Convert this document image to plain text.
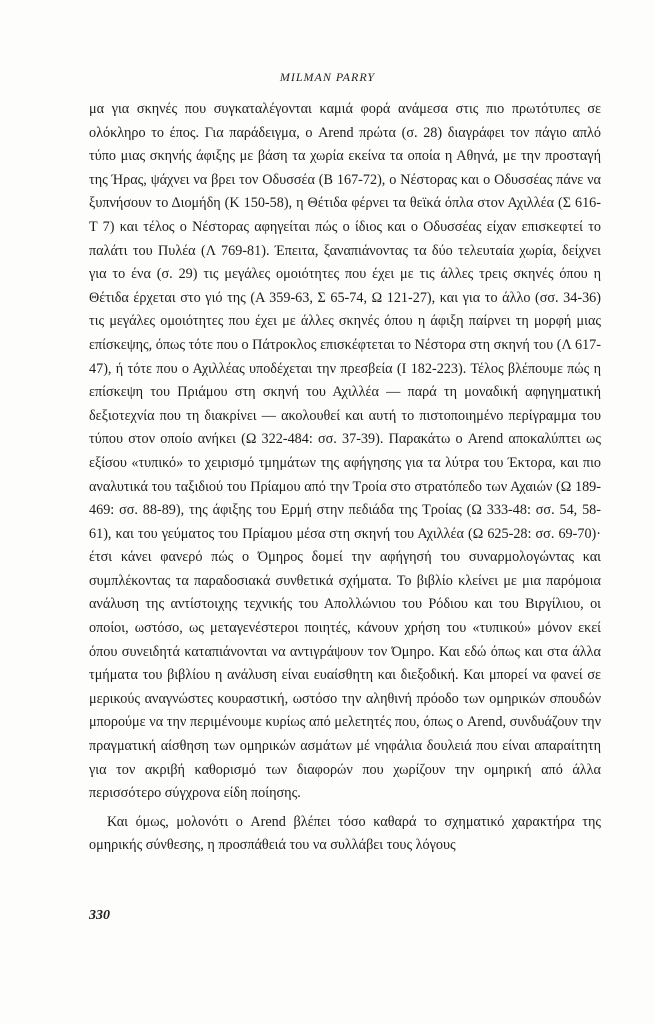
MILMAN PARRY

μα για σκηνές που συγκαταλέγονται καμιά φορά ανάμεσα στις πιο πρωτότυπες σε ολόκληρο το έπος. Για παράδειγμα, ο Arend πρώτα (σ. 28) διαγράφει τον πάγιο απλό τύπο μιας σκηνής άφιξης με βάση τα χωρία εκείνα τα οποία η Αθηνά, με την προσταγή της Ήρας, ψάχνει να βρει τον Οδυσσέα (Β 167-72), ο Νέστορας και ο Οδυσσέας πάνε να ξυπνήσουν το Διομήδη (Κ 150-58), η Θέτιδα φέρνει τα θεϊκά όπλα στον Αχιλλέα (Σ 616-Τ 7) και τέλος ο Νέστορας αφηγείται πώς ο ίδιος και ο Οδυσσέας είχαν επισκεφτεί το παλάτι του Πυλέα (Λ 769-81). Έπειτα, ξαναπιάνοντας τα δύο τελευταία χωρία, δείχνει για το ένα (σ. 29) τις μεγάλες ομοιότητες που έχει με τις άλλες τρεις σκηνές όπου η Θέτιδα έρχεται στο γιό της (Α 359-63, Σ 65-74, Ω 121-27), και για το άλλο (σσ. 34-36) τις μεγάλες ομοιότητες που έχει με άλλες σκηνές όπου η άφιξη παίρνει τη μορφή μιας επίσκεψης, όπως τότε που ο Πάτροκλος επισκέφτεται το Νέστορα στη σκηνή του (Λ 617-47), ή τότε που ο Αχιλλέας υποδέχεται την πρεσβεία (Ι 182-223). Τέλος βλέπουμε πώς η επίσκεψη του Πριάμου στη σκηνή του Αχιλλέα — παρά τη μοναδική αφηγηματική δεξιοτεχνία που τη διακρίνει — ακολουθεί και αυτή το πιστοποιημένο περίγραμμα του τύπου στον οποίο ανήκει (Ω 322-484: σσ. 37-39). Παρακάτω ο Arend αποκαλύπτει ως εξίσου «τυπικό» το χειρισμό τμημάτων της αφήγησης για τα λύτρα του Έκτορα, και πιο αναλυτικά του ταξιδιού του Πρίαμου από την Τροία στο στρατόπεδο των Αχαιών (Ω 189-469: σσ. 88-89), της άφιξης του Ερμή στην πεδιάδα της Τροίας (Ω 333-48: σσ. 54, 58-61), και του γεύματος του Πρίαμου μέσα στη σκηνή του Αχιλλέα (Ω 625-28: σσ. 69-70)· έτσι κάνει φανερό πώς ο Όμηρος δομεί την αφήγησή του συναρμολογώντας και συμπλέκοντας τα παραδοσιακά συνθετικά σχήματα. Το βιβλίο κλείνει με μια παρόμοια ανάλυση της αντίστοιχης τεχνικής του Απολλώνιου του Ρόδιου και του Βιργίλιου, οι οποίοι, ωστόσο, ως μεταγενέστεροι ποιητές, κάνουν χρήση του «τυπικού» μόνον εκεί όπου συνειδητά καταπιάνονται να αντιγράψουν τον Όμηρο. Και εδώ όπως και στα άλλα τμήματα του βιβλίου η ανάλυση είναι ευαίσθητη και διεξοδική. Και μπορεί να φανεί σε μερικούς αναγνώστες κουραστική, ωστόσο την αληθινή πρόοδο των ομηρικών σπουδών μπορούμε να την περιμένουμε κυρίως από μελετητές που, όπως ο Arend, συνδυάζουν την πραγματική αίσθηση των ομηρικών ασμάτων μέ νηφάλια δουλειά που είναι απαραίτητη για τον ακριβή καθορισμό των διαφορών που χωρίζουν την ομηρική από άλλα περισσότερο σύγχρονα είδη ποίησης.

Και όμως, μολονότι ο Arend βλέπει τόσο καθαρά το σχηματικό χαρακτήρα της ομηρικής σύνθεσης, η προσπάθειά του να συλλάβει τους λόγους

330
